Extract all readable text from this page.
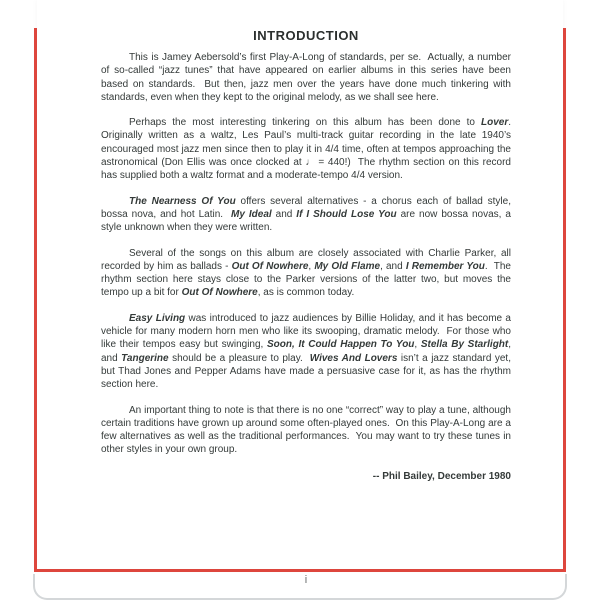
INTRODUCTION

This is Jamey Aebersold’s first Play-A-Long of standards, per se.  Actually, a number of so-called “jazz tunes” that have appeared on earlier albums in this series have been based on standards.  But then, jazz men over the years have done much tinkering with standards, even when they kept to the original melody, as we shall see here.

Perhaps the most interesting tinkering on this album has been done to Lover.  Originally written as a waltz, Les Paul’s multi-track guitar recording in the late 1940’s encouraged most jazz men since then to play it in 4/4 time, often at tempos approaching the astronomical (Don Ellis was once clocked at ♩ = 440!)  The rhythm section on this record has supplied both a waltz format and a moderate-tempo 4/4 version.

The Nearness Of You offers several alternatives - a chorus each of ballad style, bossa nova, and hot Latin.  My Ideal and If I Should Lose You are now bossa novas, a style unknown when they were written.

Several of the songs on this album are closely associated with Charlie Parker, all recorded by him as ballads - Out Of Nowhere, My Old Flame, and I Remember You.  The rhythm section here stays close to the Parker versions of the latter two, but moves the tempo up a bit for Out Of Nowhere, as is common today.

Easy Living was introduced to jazz audiences by Billie Holiday, and it has become a vehicle for many modern horn men who like its swooping, dramatic melody.  For those who like their tempos easy but swinging, Soon, It Could Happen To You, Stella By Starlight, and Tangerine should be a pleasure to play.  Wives And Lovers isn’t a jazz standard yet, but Thad Jones and Pepper Adams have made a persuasive case for it, as has the rhythm section here.

An important thing to note is that there is no one “correct” way to play a tune, although certain traditions have grown up around some often-played ones.  On this Play-A-Long are a few alternatives as well as the traditional performances.  You may want to try these tunes in other styles in your own group.

-- Phil Bailey, December 1980
i
